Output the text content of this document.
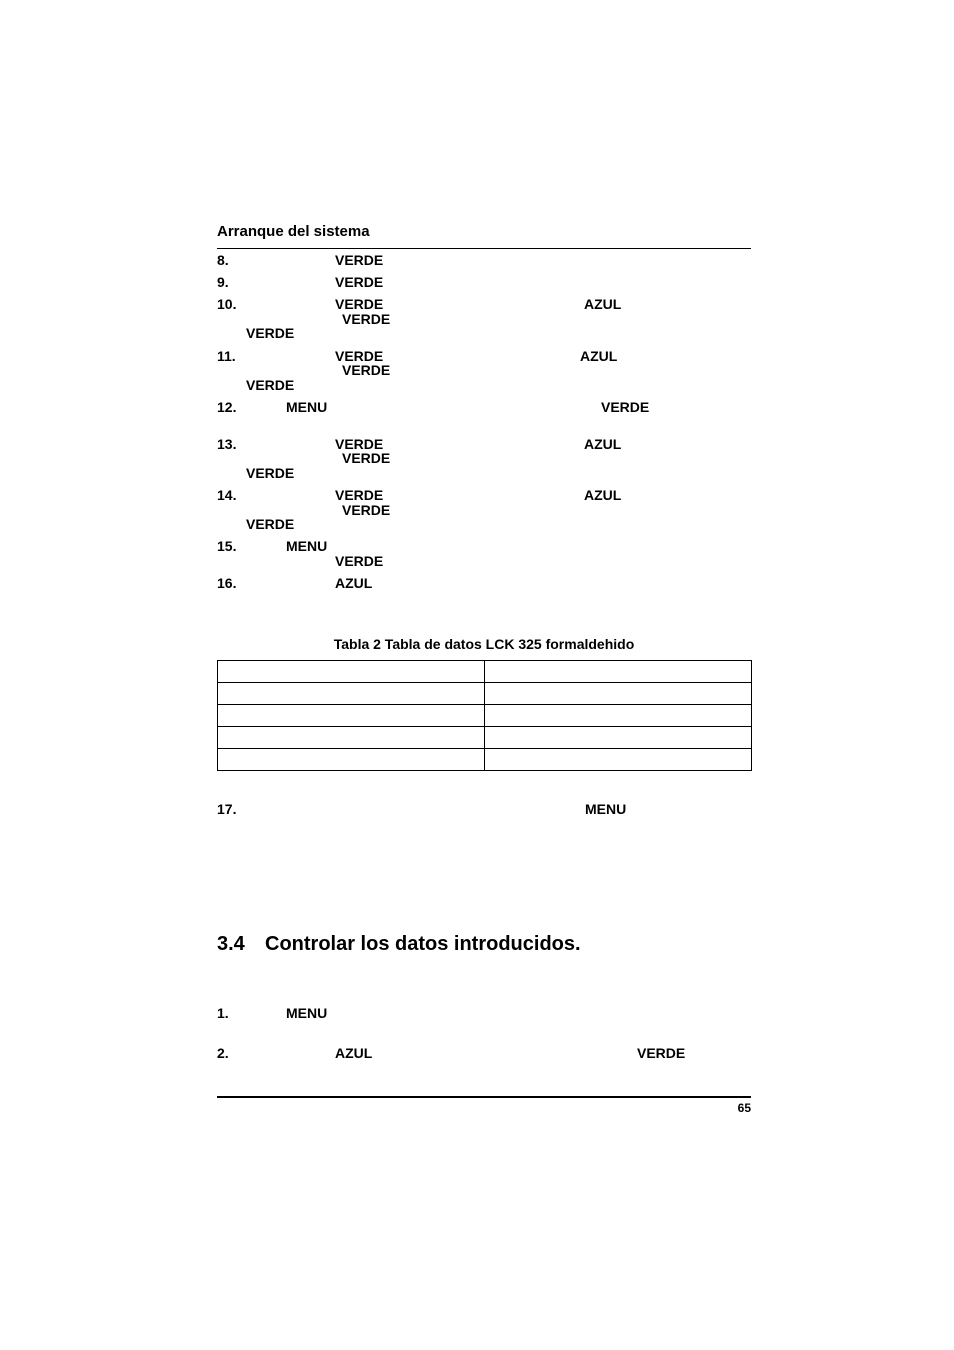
Arranque del sistema
8.	VERDE
9.	VERDE
10.	VERDE	AZUL
VERDE
VERDE
11.	VERDE	AZUL
VERDE
VERDE
12.	MENU	VERDE
13.	VERDE	AZUL
VERDE
VERDE
14.	VERDE	AZUL
VERDE
VERDE
15.	MENU
VERDE
16.	AZUL
Tabla 2 Tabla de datos LCK 325 formaldehido

17.	MENU
3.4 Controlar los datos introducidos.
1.	MENU
2.	AZUL	VERDE
65
